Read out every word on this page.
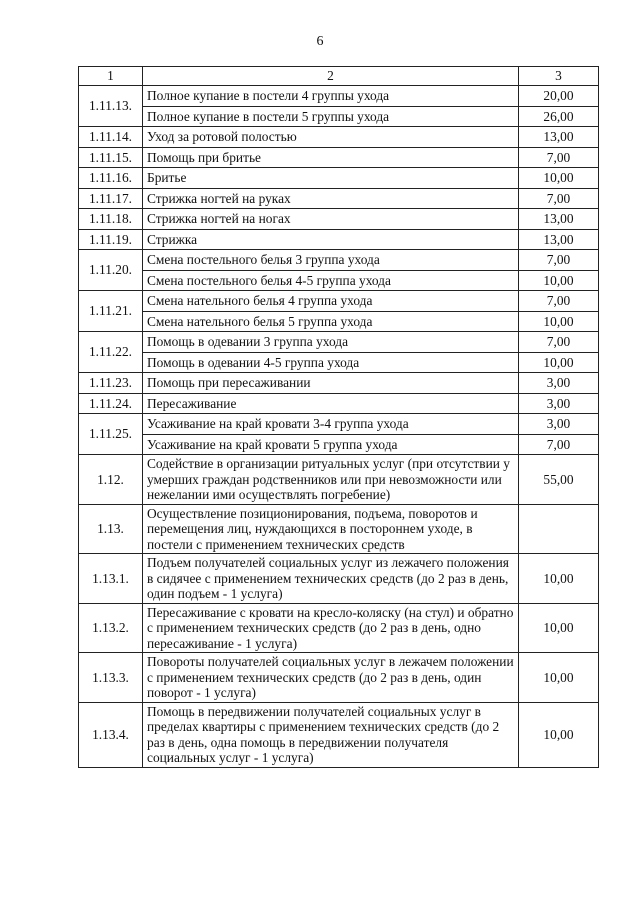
6
1	2	3
1.11.13.	Полное купание в постели 4 группы ухода	20,00
	Полное купание в постели 5 группы ухода	26,00
1.11.14.	Уход за ротовой полостью	13,00
1.11.15.	Помощь при бритье	7,00
1.11.16.	Бритье	10,00
1.11.17.	Стрижка ногтей на руках	7,00
1.11.18.	Стрижка ногтей на ногах	13,00
1.11.19.	Стрижка	13,00
1.11.20.	Смена постельного белья 3 группа ухода	7,00
	Смена постельного белья 4-5 группа ухода	10,00
1.11.21.	Смена нательного белья 4 группа ухода	7,00
	Смена нательного белья 5 группа ухода	10,00
1.11.22.	Помощь в одевании 3 группа ухода	7,00
	Помощь в одевании 4-5 группа ухода	10,00
1.11.23.	Помощь при пересаживании	3,00
1.11.24.	Пересаживание	3,00
1.11.25.	Усаживание на край кровати 3-4 группа ухода	3,00
	Усаживание на край кровати 5 группа ухода	7,00
1.12.	Содействие в организации ритуальных услуг (при отсутствии у умерших граждан родственников или при невозможности или нежелании ими осуществлять погребение)	55,00
1.13.	Осуществление позиционирования, подъема, поворотов и перемещения лиц, нуждающихся в постороннем уходе, в постели с применением технических средств	
1.13.1.	Подъем получателей социальных услуг из лежачего положения в сидячее с применением технических средств (до 2 раз в день, один подъем - 1 услуга)	10,00
1.13.2.	Пересаживание с кровати на кресло-коляску (на стул) и обратно с применением технических средств (до 2 раз в день, одно пересаживание - 1 услуга)	10,00
1.13.3.	Повороты получателей социальных услуг в лежачем положении с применением технических средств (до 2 раз в день, один поворот - 1 услуга)	10,00
1.13.4.	Помощь в передвижении получателей социальных услуг в пределах квартиры с применением технических средств (до 2 раз в день, одна помощь в передвижении получателя социальных услуг - 1 услуга)	10,00
